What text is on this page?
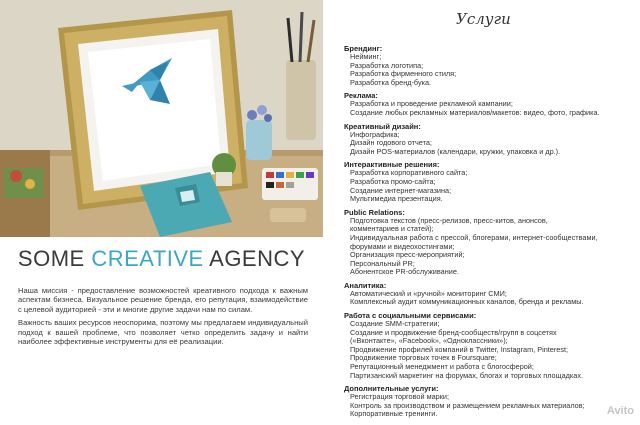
SOME CREATIVE AGENCY

Наша миссия - предоставление возможностей креативного подхода к важным аспектам бизнеса. Визуальное решение бренда, его репутация, взаимодействие с целевой аудиторией - эти и многие другие задачи нам по силам.

Важность ваших ресурсов неоспорима, поэтому мы предлагаем индивидуальный подход к вашей проблеме, что позволяет четко определить задачу и найти наиболее эффективные инструменты для её реализации.

Услуги
Брендинг:
Нейминг;
Разработка логотипа;
Разработка фирменного стиля;
Разработка бренд-бука.
Реклама:
Разработка и проведение рекламной кампании;
Создание любых рекламных материалов/макетов: видео, фото, графика.
Креативный дизайн:
Инфографика;
Дизайн годового отчета;
Дизайн POS-материалов (календари, кружки, упаковка и др.).
Интерактивные решения:
Разработка корпоративного сайта;
Разработка промо-сайта;
Создание интернет-магазина;
Мультимедиа презентация.
Public Relations:
Подготовка текстов (пресс-релизов, пресс-китов, анонсов,
комментариев и статей);
Индивидуальная работа с прессой, блогерами, интернет-сообществами,
форумами и видеохостингами;
Организация пресс-мероприятий;
Персональный PR;
Абонентское PR-обслуживание.
Аналитика:
Автоматический и «ручной» мониторинг СМИ;
Комплексный аудит коммуникационных каналов, бренда и рекламы.
Работа с социальными сервисами:
Создание SMM-стратегии;
Создание и продвижение бренд-сообществ/групп в соцсетях
(«Вконтакте», «Facebook», «Одноклассники»);
Продвижение профилей компаний в Twitter, Instagram, Pinterest;
Продвижение торговых точек в Foursquare;
Репутационный менеджмент и работа с блогосферой;
Партизанский маркетинг на форумах, блогах и торговых площадках.
Дополнительные услуги:
Регистрация торговой марки;
Контроль за производством и размещением рекламных материалов;
Корпоративные тренинги.	Avito
